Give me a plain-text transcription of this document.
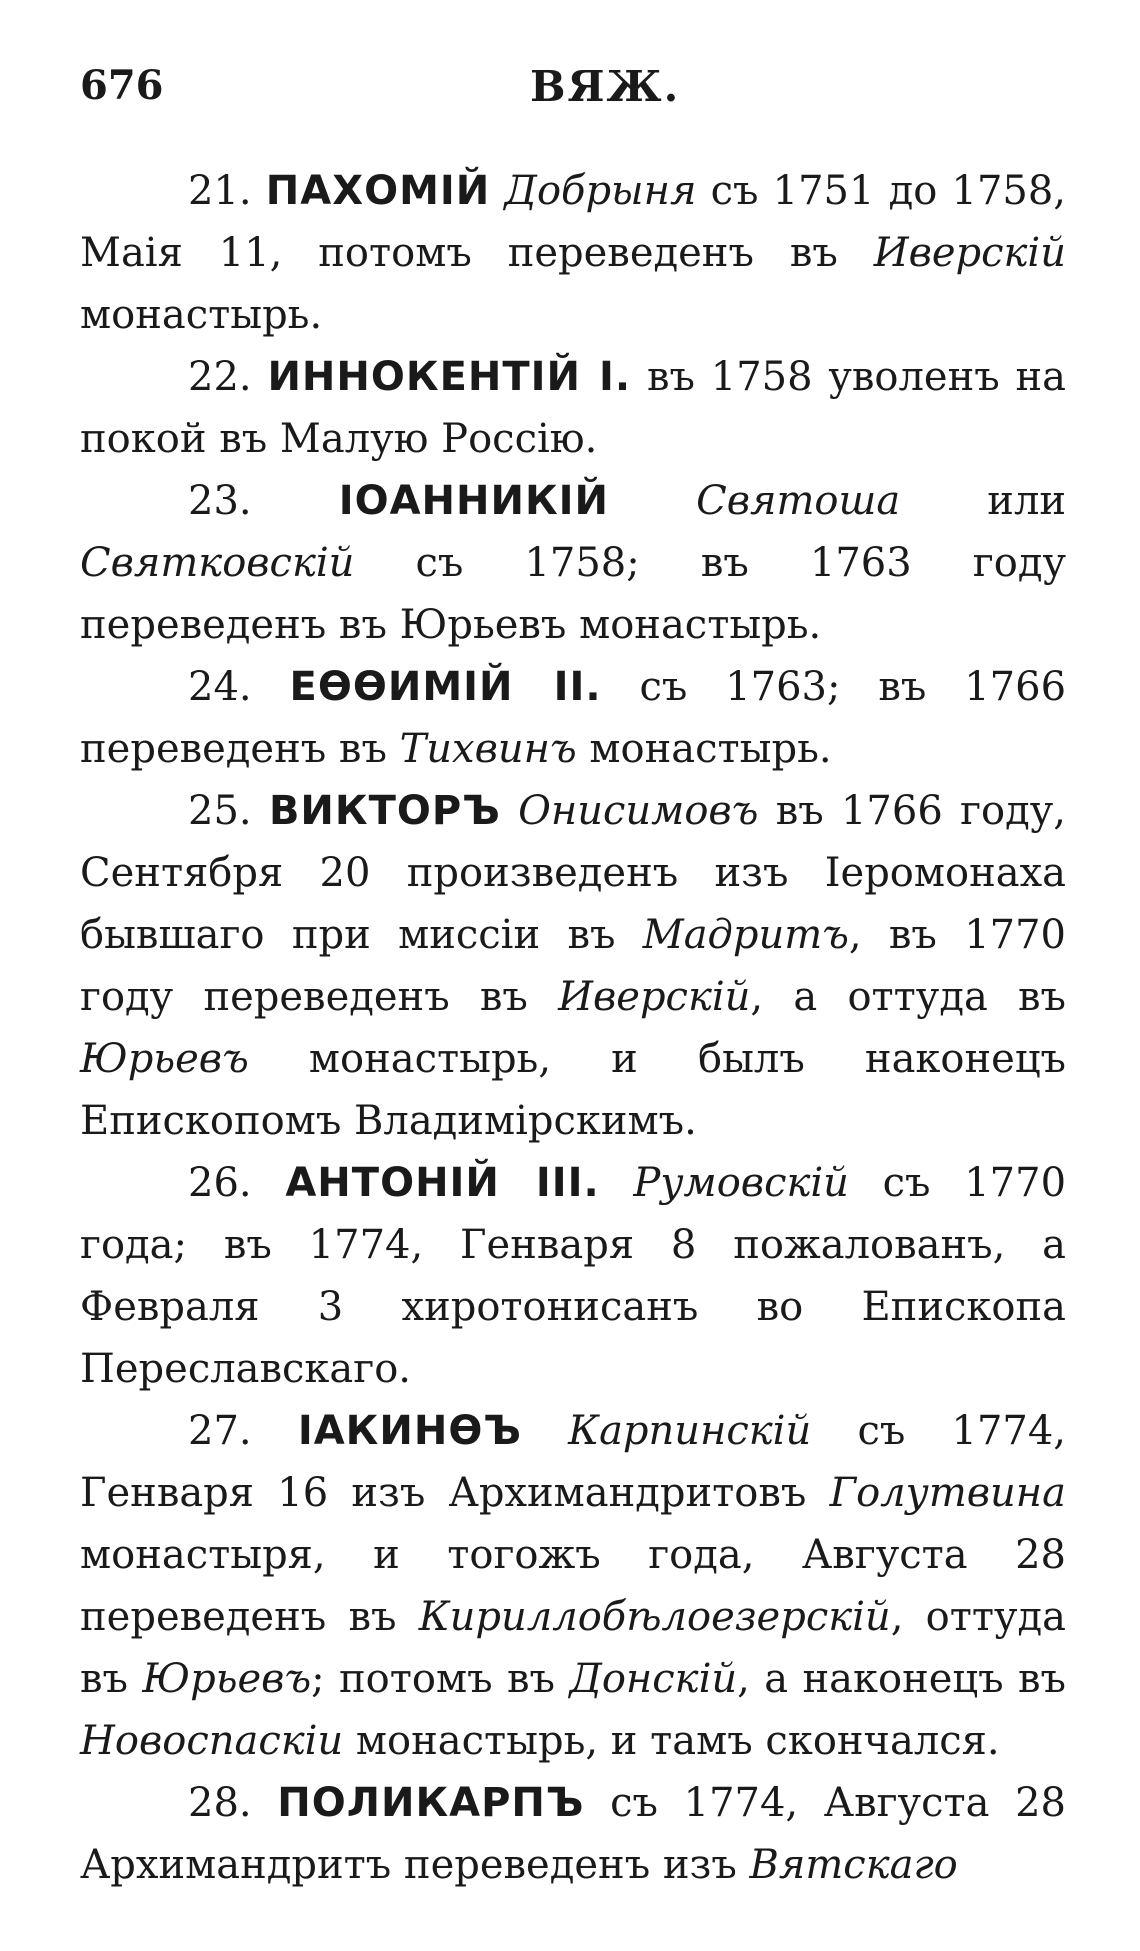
676	ВЯЖ.

21. ПАХОМІЙ Добрыня съ 1751 до 1758, Маія 11, потомъ переведенъ въ Иверскій монастырь.

22. ИННОКЕНТІЙ І. въ 1758 уволенъ на покой въ Малую Россію.

23. ІОАННИКІЙ Святоша или Святковскій съ 1758; въ 1763 году переведенъ въ Юрьевъ монастырь.

24. ЕѲѲИМІЙ II. съ 1763; въ 1766 переведенъ въ Тихвинъ монастырь.

25. ВИКТОРЪ Онисимовъ въ 1766 году, Сентября 20 произведенъ изъ Іеромонаха бывшаго при миссіи въ Мадритъ, въ 1770 году переведенъ въ Иверскій, а оттуда въ Юрьевъ монастырь, и былъ наконецъ Епископомъ Владимірскимъ.

26. АНТОНІЙ III. Румовскій съ 1770 года; въ 1774, Генваря 8 пожалованъ, а Февраля 3 хиротонисанъ во Епископа Переславскаго.

27. ІАКИНѲЪ Карпинскій съ 1774, Генваря 16 изъ Архимандритовъ Голутвина монастыря, и тогожъ года, Августа 28 переведенъ въ Кириллобѣлоезерскій, оттуда въ Юрьевъ; потомъ въ Донскій, а наконецъ въ Новоспаскіи монастырь, и тамъ скончался.

28. ПОЛИКАРПЪ съ 1774, Августа 28 Архимандритъ переведенъ изъ Вятскаго
